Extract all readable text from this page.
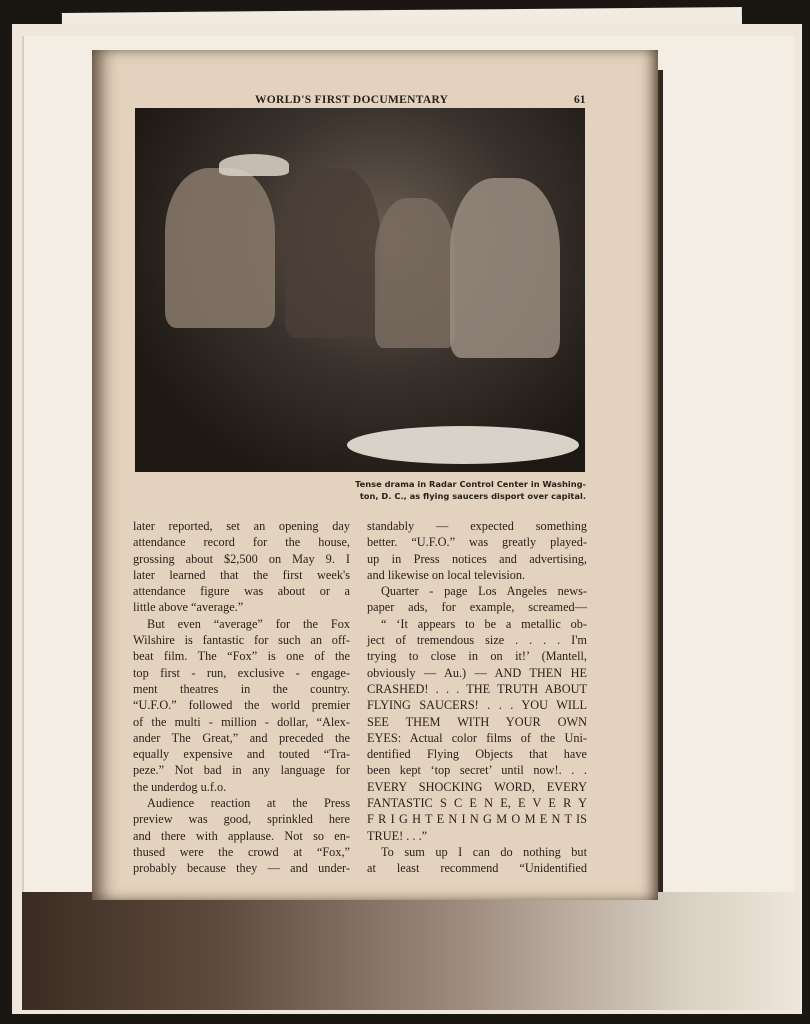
WORLD'S FIRST DOCUMENTARY	61
Tense drama in Radar Control Center in Washing-
ton, D. C., as flying saucers disport over capital.
later reported, set an opening day
attendance record for the house,
grossing about $2,500 on May 9. I
later learned that the first week's
attendance figure was about or a
little above “average.”
But even “average” for the Fox
Wilshire is fantastic for such an off-
beat film. The “Fox” is one of the
top first - run, exclusive - engage-
ment theatres in the country.
“U.F.O.” followed the world premier
of the multi - million - dollar, “Alex-
ander The Great,” and preceded the
equally expensive and touted “Tra-
peze.” Not bad in any language for
the underdog u.f.o.
Audience reaction at the Press
preview was good, sprinkled here
and there with applause. Not so en-
thused were the crowd at “Fox,”
probably because they — and under-
standably — expected something
better. “U.F.O.” was greatly played-
up in Press notices and advertising,
and likewise on local television.
Quarter - page Los Angeles news-
paper ads, for example, screamed—
“ ‘It appears to be a metallic ob-
ject of tremendous size . . . . I'm
trying to close in on it!’ (Mantell,
obviously — Au.) — AND THEN HE
CRASHED! . . . THE TRUTH ABOUT
FLYING SAUCERS! . . . YOU WILL
SEE THEM WITH YOUR OWN
EYES: Actual color films of the Uni-
dentified Flying Objects that have
been kept ‘top secret’ until now!. . .
EVERY SHOCKING WORD, EVERY
FANTASTIC S C E N E, E V E R Y
F R I G H T E N I N G M O M E N T IS
TRUE! . . .”
To sum up I can do nothing but
at least recommend “Unidentified
